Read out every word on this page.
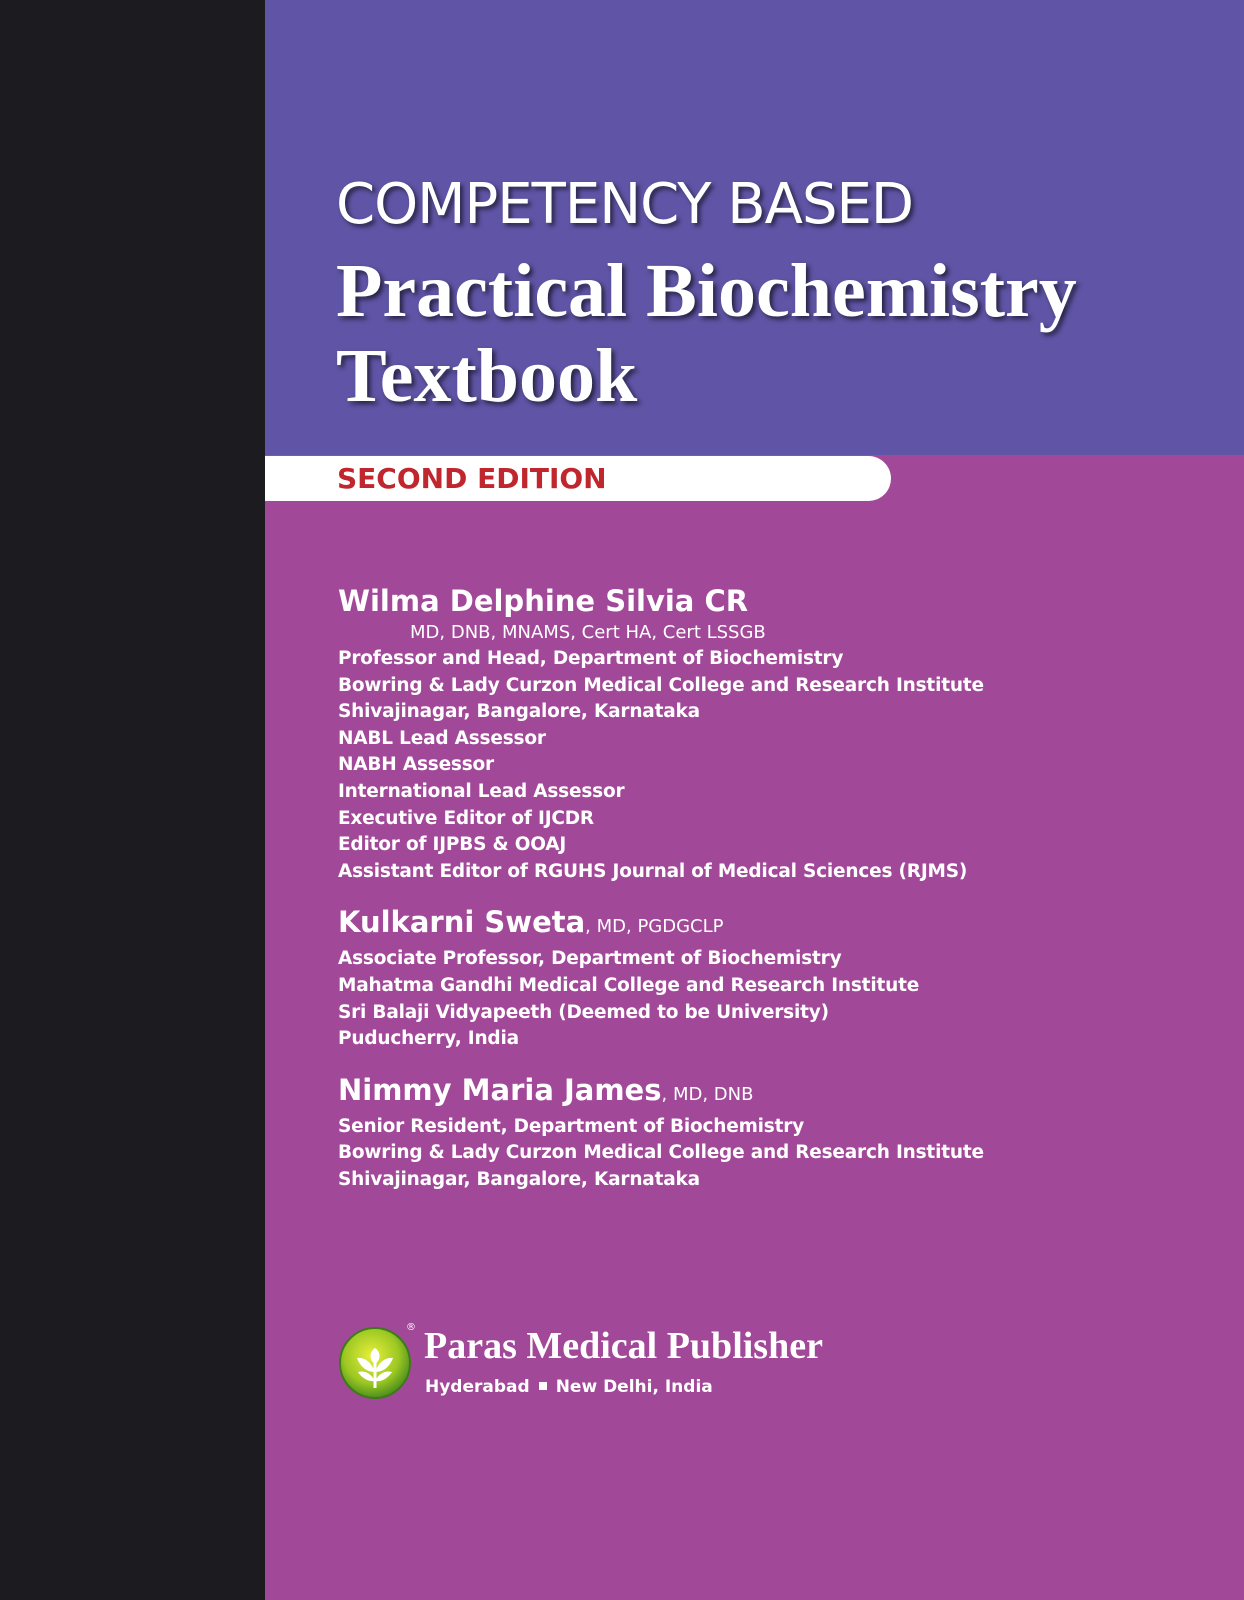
COMPETENCY BASED
Practical Biochemistry
Textbook
SECOND EDITION
Wilma Delphine Silvia CR
MD, DNB, MNAMS, Cert HA, Cert LSSGB
Professor and Head, Department of Biochemistry
Bowring & Lady Curzon Medical College and Research Institute
Shivajinagar, Bangalore, Karnataka
NABL Lead Assessor
NABH Assessor
International Lead Assessor
Executive Editor of IJCDR
Editor of IJPBS & OOAJ
Assistant Editor of RGUHS Journal of Medical Sciences (RJMS)
Kulkarni Sweta, MD, PGDGCLP
Associate Professor, Department of Biochemistry
Mahatma Gandhi Medical College and Research Institute
Sri Balaji Vidyapeeth (Deemed to be University)
Puducherry, India
Nimmy Maria James, MD, DNB
Senior Resident, Department of Biochemistry
Bowring & Lady Curzon Medical College and Research Institute
Shivajinagar, Bangalore, Karnataka
® Paras Medical Publisher
Hyderabad New Delhi, India
